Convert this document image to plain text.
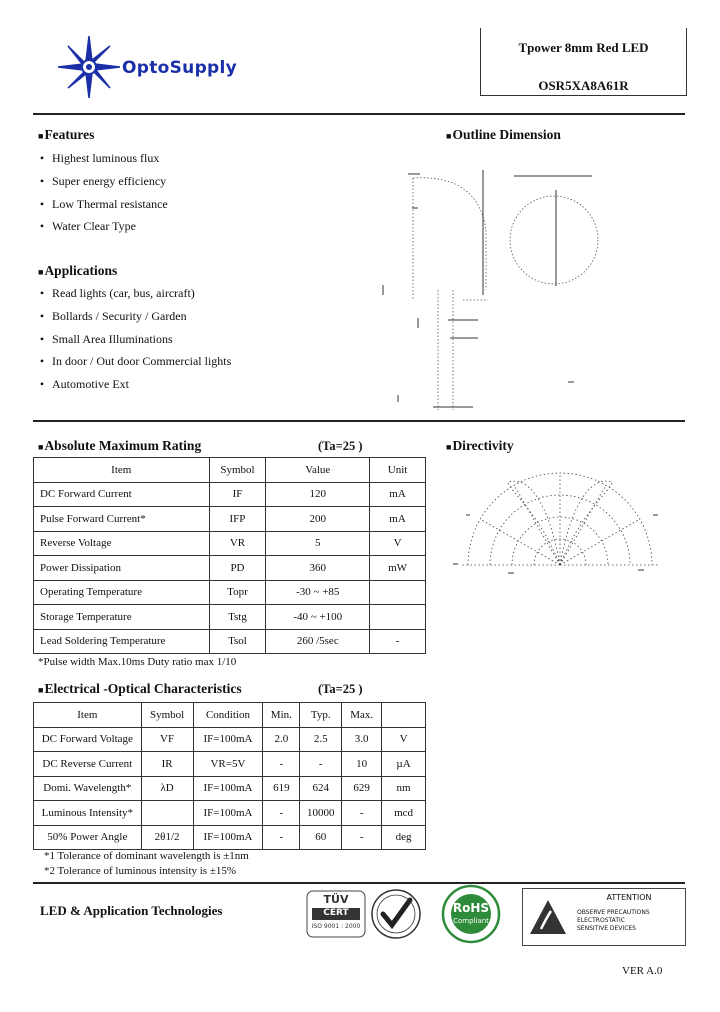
OptoSupply
Tpower 8mm Red LED
OSR5XA8A61R
■Features
• Highest luminous flux
• Super energy efficiency
• Low Thermal resistance
• Water Clear Type
■Applications
• Read lights (car, bus, aircraft)
• Bollards / Security / Garden
• Small Area Illuminations
• In door / Out door Commercial lights
• Automotive Ext
■Outline Dimension
■Absolute Maximum Rating	(Ta=25 )
Item	Symbol	Value	Unit
DC Forward Current	IF	120	mA
Pulse Forward Current*	IFP	200	mA
Reverse Voltage	VR	5	V
Power Dissipation	PD	360	mW
Operating Temperature	Topr	-30 ~ +85	
Storage Temperature	Tstg	-40 ~ +100	
Lead Soldering Temperature	Tsol	260 /5sec	-
*Pulse width Max.10ms Duty ratio max 1/10
■Directivity
■Electrical -Optical Characteristics	(Ta=25 )
Item	Symbol	Condition	Min.	Typ.	Max.	
DC Forward Voltage	VF	IF=100mA	2.0	2.5	3.0	V
DC Reverse Current	IR	VR=5V	-	-	10	µA
Domi. Wavelength*	λD	IF=100mA	619	624	629	nm
Luminous Intensity*		IF=100mA	-	10000	-	mcd
50% Power Angle	2θ1/2	IF=100mA	-	60	-	deg
*1 Tolerance of dominant wavelength is ±1nm
*2 Tolerance of luminous intensity is ±15%
LED & Application Technologies
TÜV
CERT
ISO 9001 : 2000
RoHS
Compliant
ATTENTION
OBSERVE PRECAUTIONS
ELECTROSTATIC
SENSITIVE DEVICES
VER A.0
